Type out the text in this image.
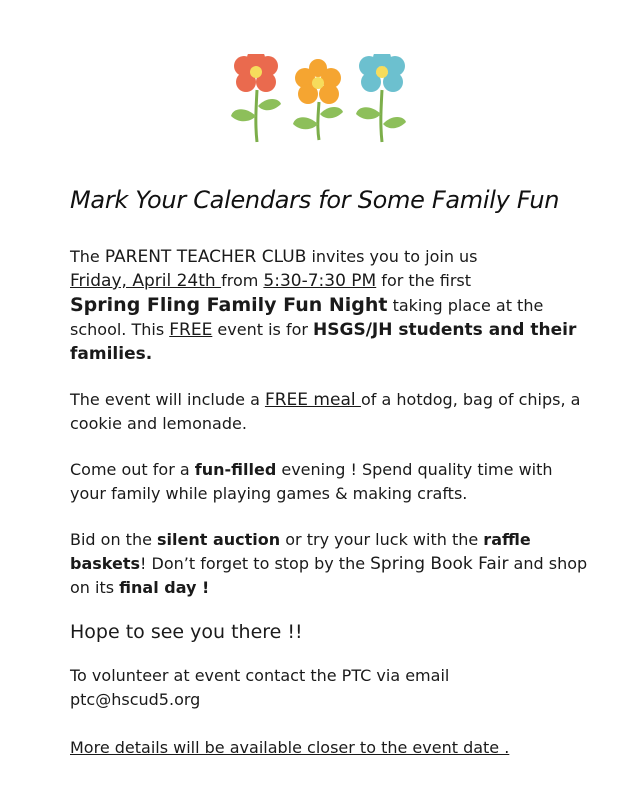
Mark Your Calendars for Some Family Fun

The PARENT TEACHER CLUB invites you to join us
Friday, April 24th from 5:30-7:30 PM for the first
Spring Fling Family Fun Night taking place at the school. This FREE event is for HSGS/JH students and their families.

The event will include a FREE meal of a hotdog, bag of chips, a cookie and lemonade.

Come out for a fun-filled evening ! Spend quality time with your family while playing games & making crafts.

Bid on the silent auction or try your luck with the raffle baskets! Don’t forget to stop by the Spring Book Fair and shop on its final day !

Hope to see you there !!

To volunteer at event contact the PTC via email
ptc@hscud5.org

More details will be available closer to the event date .
